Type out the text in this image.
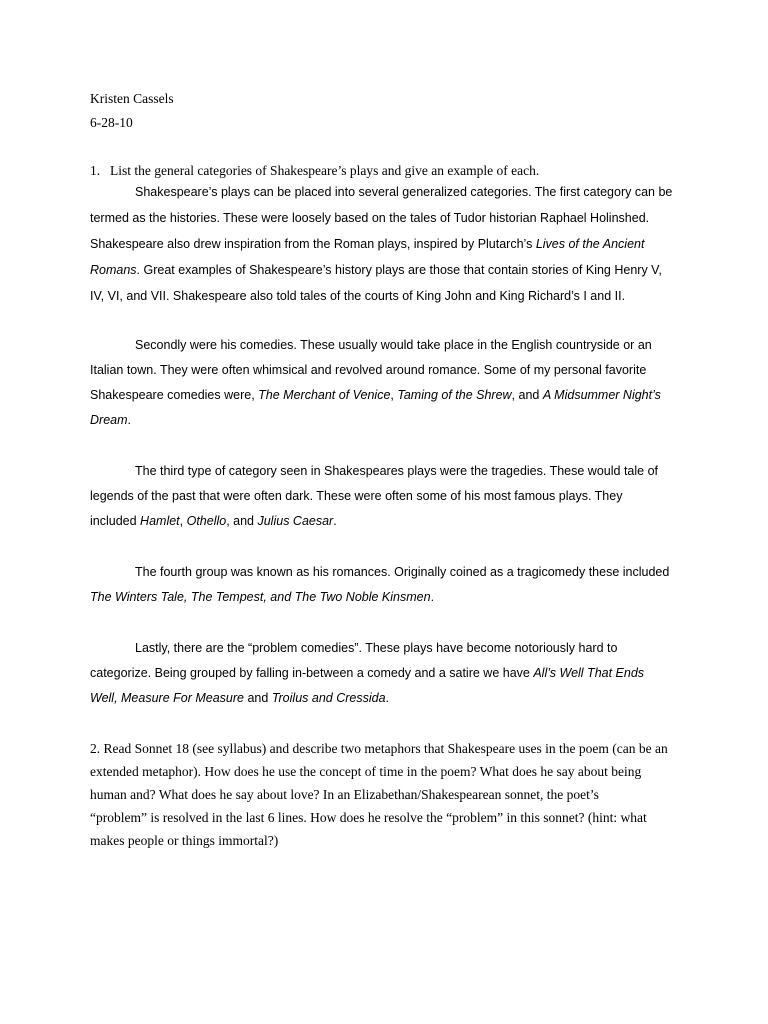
Kristen Cassels
6-28-10
1. List the general categories of Shakespeare’s plays and give an example of each.
Shakespeare’s plays can be placed into several generalized categories. The first category can be
termed as the histories. These were loosely based on the tales of Tudor historian Raphael Holinshed.
Shakespeare also drew inspiration from the Roman plays, inspired by Plutarch’s Lives of the Ancient
Romans. Great examples of Shakespeare’s history plays are those that contain stories of King Henry V,
IV, VI, and VII. Shakespeare also told tales of the courts of King John and King Richard’s I and II.
Secondly were his comedies. These usually would take place in the English countryside or an
Italian town. They were often whimsical and revolved around romance. Some of my personal favorite
Shakespeare comedies were, The Merchant of Venice, Taming of the Shrew, and A Midsummer Night’s
Dream.
The third type of category seen in Shakespeares plays were the tragedies. These would tale of
legends of the past that were often dark. These were often some of his most famous plays. They
included Hamlet, Othello, and Julius Caesar.
The fourth group was known as his romances. Originally coined as a tragicomedy these included
The Winters Tale, The Tempest, and The Two Noble Kinsmen.
Lastly, there are the “problem comedies”. These plays have become notoriously hard to
categorize. Being grouped by falling in-between a comedy and a satire we have All’s Well That Ends
Well, Measure For Measure and Troilus and Cressida.
2. Read Sonnet 18 (see syllabus) and describe two metaphors that Shakespeare uses in the poem (can be an
extended metaphor). How does he use the concept of time in the poem? What does he say about being
human and? What does he say about love? In an Elizabethan/Shakespearean sonnet, the poet’s
“problem” is resolved in the last 6 lines. How does he resolve the “problem” in this sonnet? (hint: what
makes people or things immortal?)
